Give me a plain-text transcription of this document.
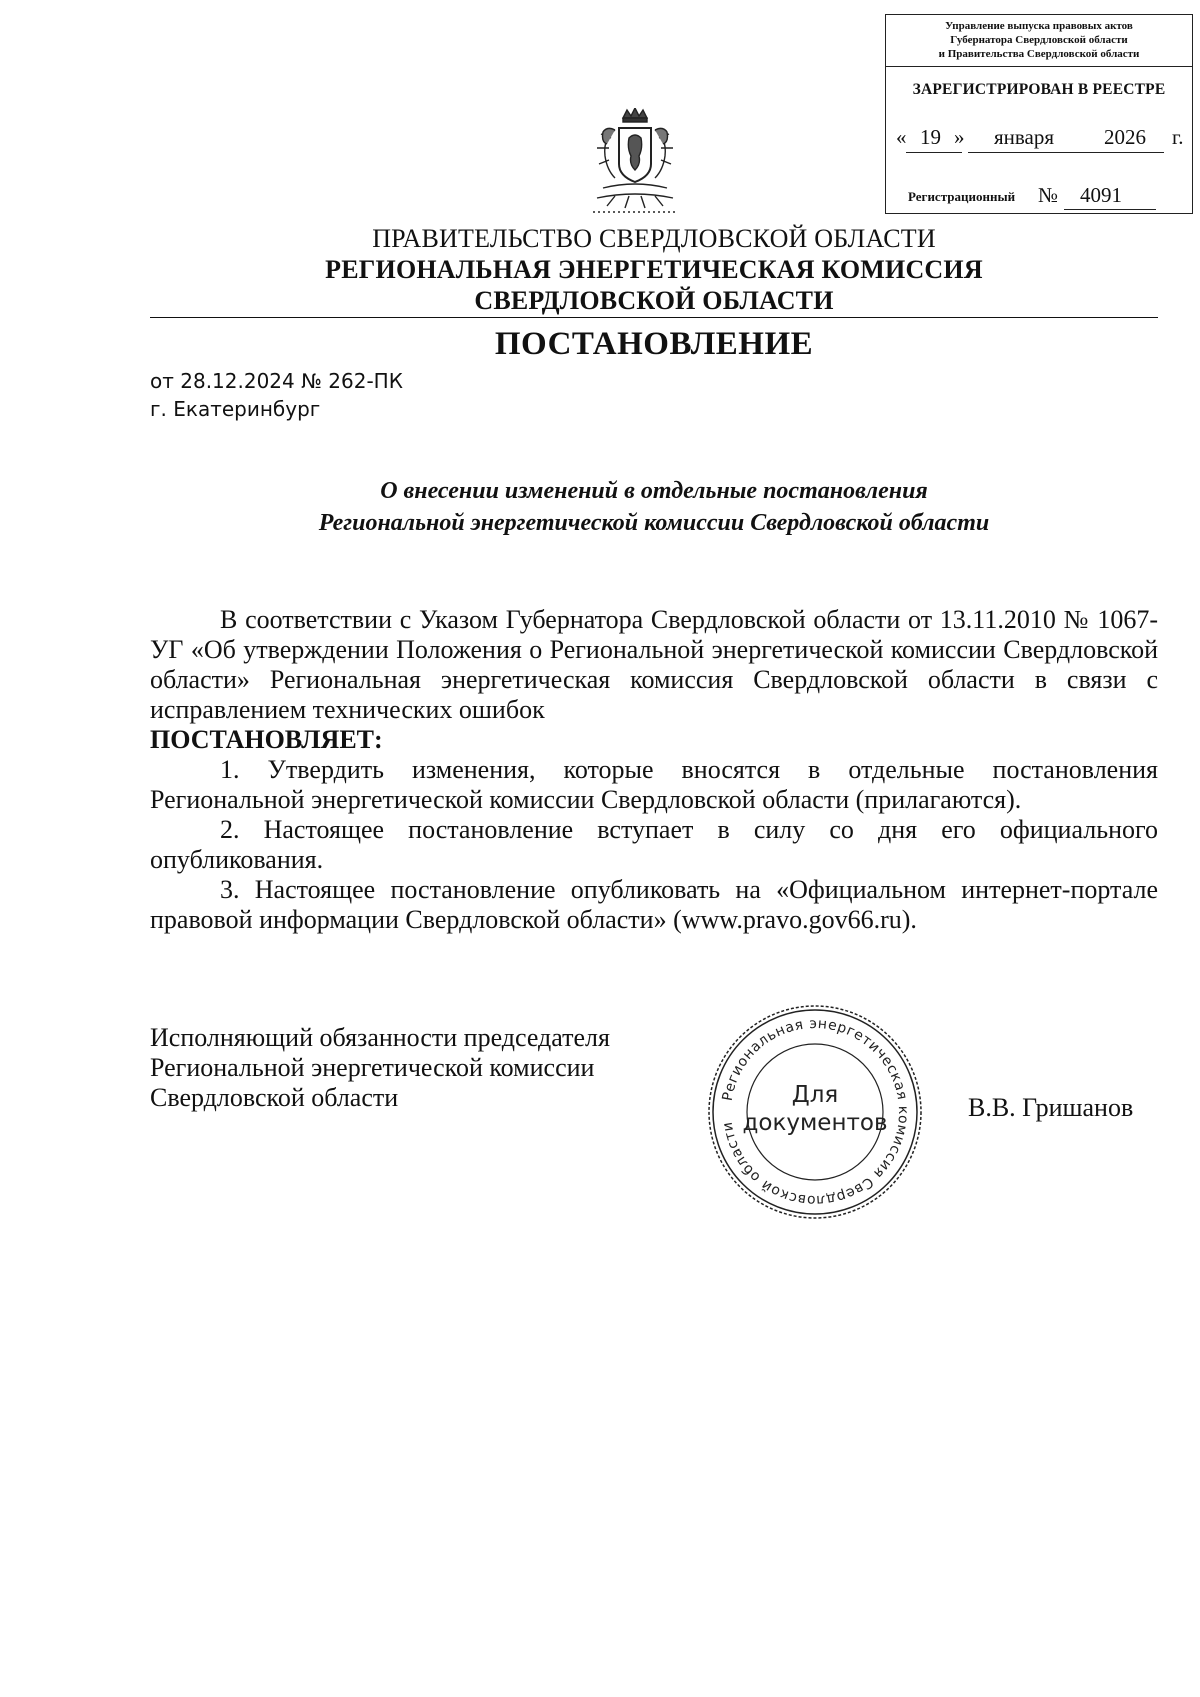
Управление выпуска правовых актов
Губернатора Свердловской области
и Правительства Свердловской области
ЗАРЕГИСТРИРОВАН В РЕЕСТРЕ
« 19 » января 2026 г.
Регистрационный № 4091
ПРАВИТЕЛЬСТВО СВЕРДЛОВСКОЙ ОБЛАСТИ
РЕГИОНАЛЬНАЯ ЭНЕРГЕТИЧЕСКАЯ КОМИССИЯ
СВЕРДЛОВСКОЙ ОБЛАСТИ
ПОСТАНОВЛЕНИЕ
от 28.12.2024 № 262-ПК
г. Екатеринбург
О внесении изменений в отдельные постановления
Региональной энергетической комиссии Свердловской области

В соответствии с Указом Губернатора Свердловской области от 13.11.2010 № 1067-УГ «Об утверждении Положения о Региональной энергетической комиссии Свердловской области» Региональная энергетическая комиссия Свердловской области в связи с исправлением технических ошибок

ПОСТАНОВЛЯЕТ:

1. Утвердить изменения, которые вносятся в отдельные постановления Региональной энергетической комиссии Свердловской области (прилагаются).

2. Настоящее постановление вступает в силу со дня его официального опубликования.

3. Настоящее постановление опубликовать на «Официальном интернет-портале правовой информации Свердловской области» (www.pravo.gov66.ru).

Исполняющий обязанности председателя
Региональной энергетической комиссии
Свердловской области	В.В. Гришанов
Региональная энергетическая комиссия Свердловской области
Для
документов
